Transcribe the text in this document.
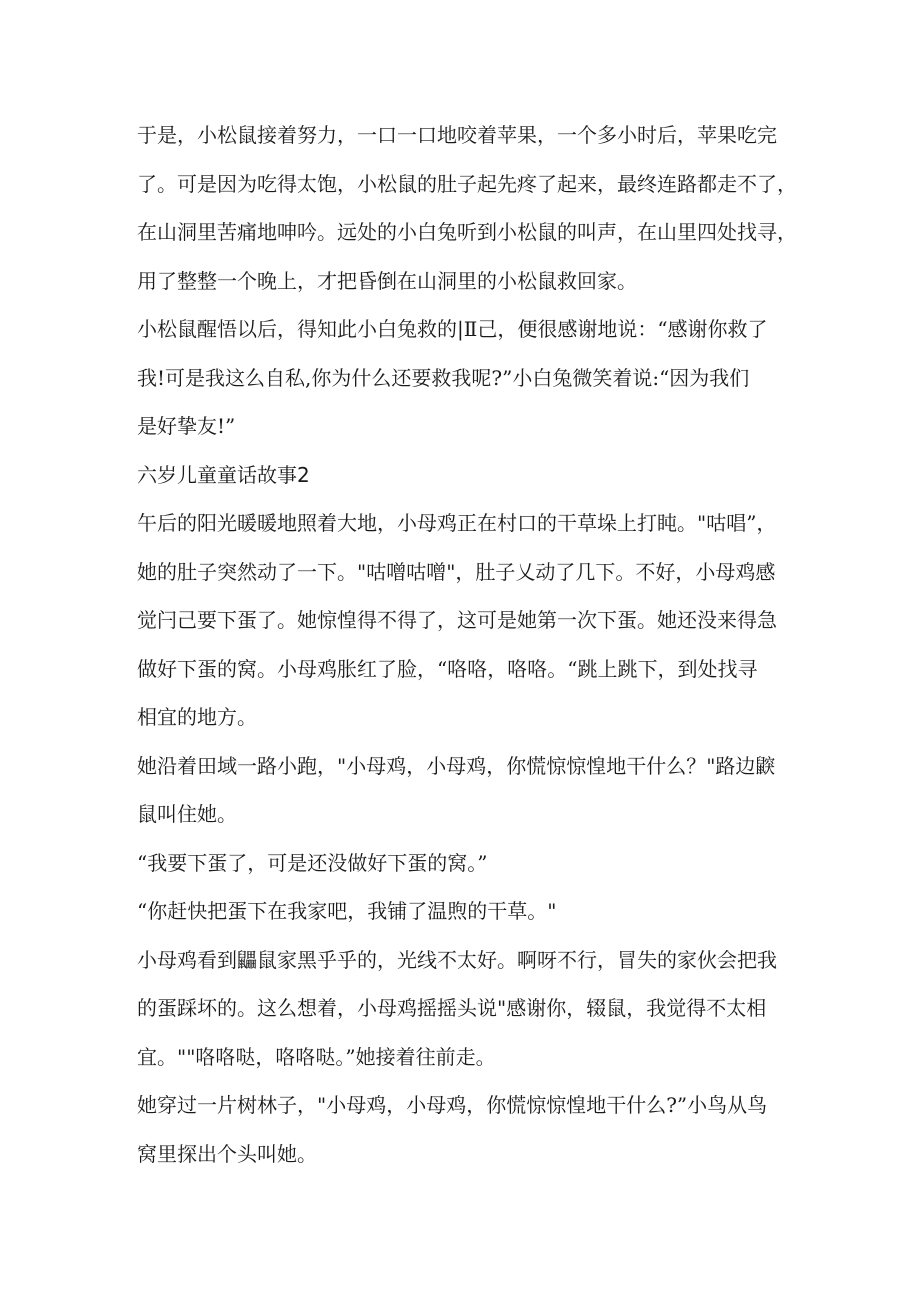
于是，小松鼠接着努力，一口一口地咬着苹果，一个多小时后，苹果吃完
了。可是因为吃得太饱，小松鼠的肚子起先疼了起来，最终连路都走不了，
在山洞里苦痛地呻吟。远处的小白兔听到小松鼠的叫声，在山里四处找寻，
用了整整一个晚上，才把昏倒在山洞里的小松鼠救回家。
小松鼠醒悟以后，得知此小白兔救的|Ⅱ己，便很感谢地说：“感谢你救了
我!可是我这么自私,你为什么还要救我呢?”小白兔微笑着说:“因为我们
是好挚友!”
六岁儿童童话故事2
午后的阳光暖暖地照着大地，小母鸡正在村口的干草垛上打盹。"咕唱”，
她的肚子突然动了一下。"咕噌咕噌"，肚子乂动了几下。不好，小母鸡感
觉闩己要下蛋了。她惊惶得不得了，这可是她第一次下蛋。她还没来得急
做好下蛋的窝。小母鸡胀红了脸，“咯咯，咯咯。“跳上跳下，到处找寻
相宜的地方。
她沿着田域一路小跑，"小母鸡，小母鸡，你慌惊惊惶地干什么？"路边鼵
鼠叫住她。
“我要下蛋了，可是还没做好下蛋的窝。”
“你赶快把蛋下在我家吧，我铺了温煦的干草。"
小母鸡看到鼺鼠家黑乎乎的，光线不太好。啊呀不行，冒失的家伙会把我
的蛋踩坏的。这么想着，小母鸡摇摇头说"感谢你，辍鼠，我觉得不太相
宜。""咯咯哒，咯咯哒。”她接着往前走。
她穿过一片树林子，"小母鸡，小母鸡，你慌惊惊惶地干什么?”小鸟从鸟
窝里探出个头叫她。
